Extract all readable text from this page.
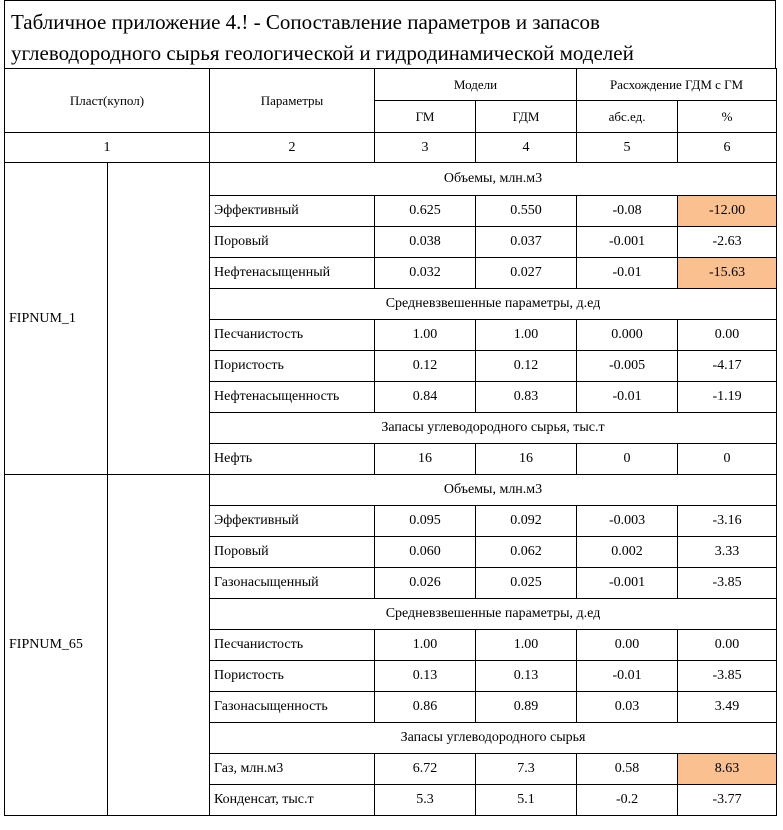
Табличное приложение 4.! - Сопоставление параметров и запасов
углеводородного сырья геологической и гидродинамической моделей
Пласт(купол)		Параметры	Модели		Расхождение ГДМ с ГМ	
			ГМ	ГДМ	абс.ед.	%
1		2	3	4	5	6
FIPNUM_1		Объемы, млн.м3				
		Эффективный	0.625	0.550	-0.08	-12.00
		Поровый	0.038	0.037	-0.001	-2.63
		Нефтенасыщенный	0.032	0.027	-0.01	-15.63
		Средневзвешенные параметры, д.ед				
		Песчанистость	1.00	1.00	0.000	0.00
		Пористость	0.12	0.12	-0.005	-4.17
		Нефтенасыщенность	0.84	0.83	-0.01	-1.19
		Запасы углеводородного сырья, тыс.т				
		Нефть	16	16	0	0
FIPNUM_65		Объемы, млн.м3				
		Эффективный	0.095	0.092	-0.003	-3.16
		Поровый	0.060	0.062	0.002	3.33
		Газонасыщенный	0.026	0.025	-0.001	-3.85
		Средневзвешенные параметры, д.ед				
		Песчанистость	1.00	1.00	0.00	0.00
		Пористость	0.13	0.13	-0.01	-3.85
		Газонасыщенность	0.86	0.89	0.03	3.49
		Запасы углеводородного сырья				
		Газ, млн.м3	6.72	7.3	0.58	8.63
		Конденсат, тыс.т	5.3	5.1	-0.2	-3.77
